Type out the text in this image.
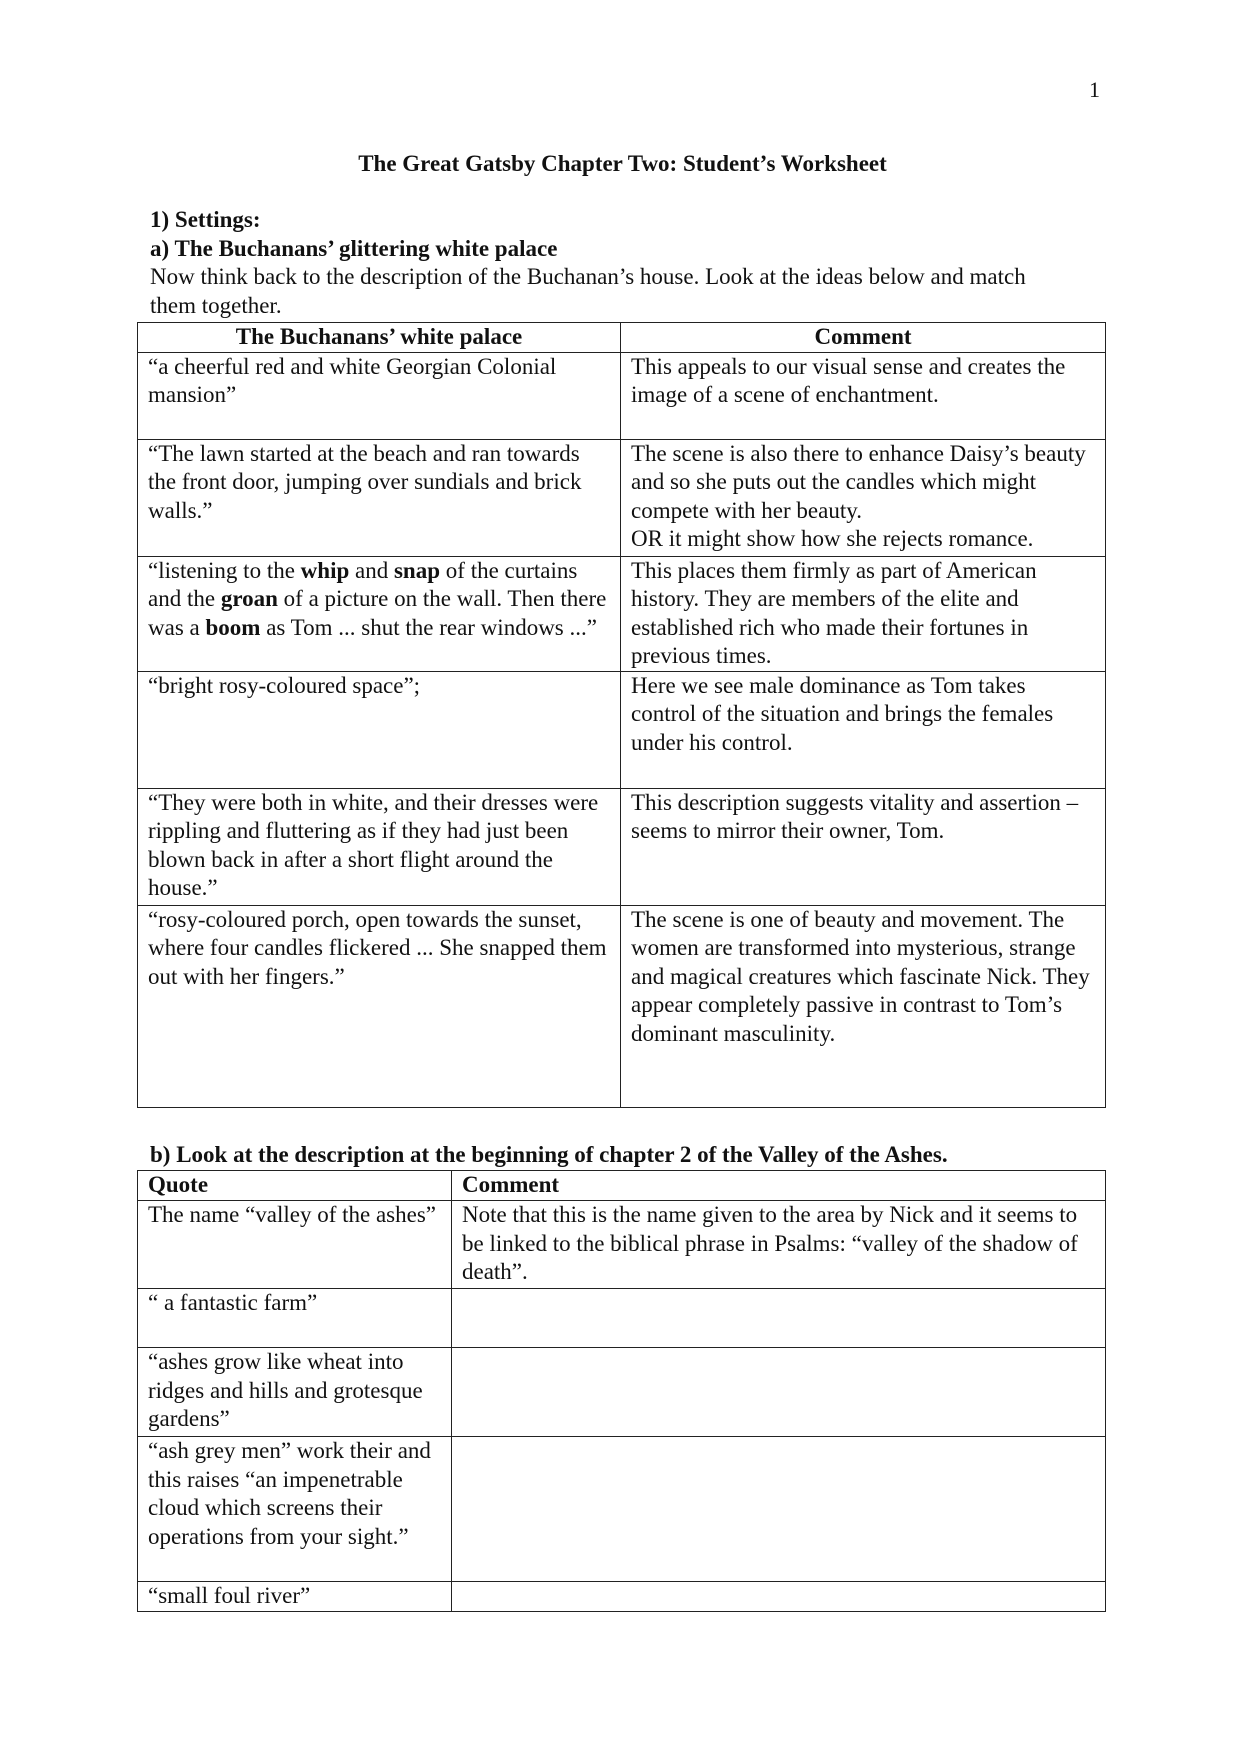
1
The Great Gatsby Chapter Two: Student’s Worksheet
1) Settings:
a) The Buchanans’ glittering white palace
Now think back to the description of the Buchanan’s house. Look at the ideas below and match them together.
The Buchanans’ white palace	Comment
“a cheerful red and white Georgian Colonial mansion”	This appeals to our visual sense and creates the image of a scene of enchantment.
“The lawn started at the beach and ran towards the front door, jumping over sundials and brick walls.”	The scene is also there to enhance Daisy’s beauty and so she puts out the candles which might compete with her beauty.
OR it might show how she rejects romance.

“listening to the whip and snap of the curtains and the groan of a picture on the wall. Then there was a boom as Tom ... shut the rear windows ...”	This places them firmly as part of American history. They are members of the elite and established rich who made their fortunes in previous times.
“bright rosy-coloured space”;	Here we see male dominance as Tom takes control of the situation and brings the females under his control.
“They were both in white, and their dresses were rippling and fluttering as if they had just been blown back in after a short flight around the house.”	This description suggests vitality and assertion – seems to mirror their owner, Tom.
“rosy-coloured porch, open towards the sunset, where four candles flickered ... She snapped them out with her fingers.”	The scene is one of beauty and movement. The women are transformed into mysterious, strange and magical creatures which fascinate Nick. They appear completely passive in contrast to Tom’s dominant masculinity.
b) Look at the description at the beginning of chapter 2 of the Valley of the Ashes.
Quote	Comment
The name “valley of the ashes”	Note that this is the name given to the area by Nick and it seems to be linked to the biblical phrase in Psalms: “valley of the shadow of death”.
“ a fantastic farm”	
“ashes grow like wheat into ridges and hills and grotesque gardens”	
“ash grey men” work their and this raises “an impenetrable cloud which screens their operations from your sight.”	
“small foul river”	
